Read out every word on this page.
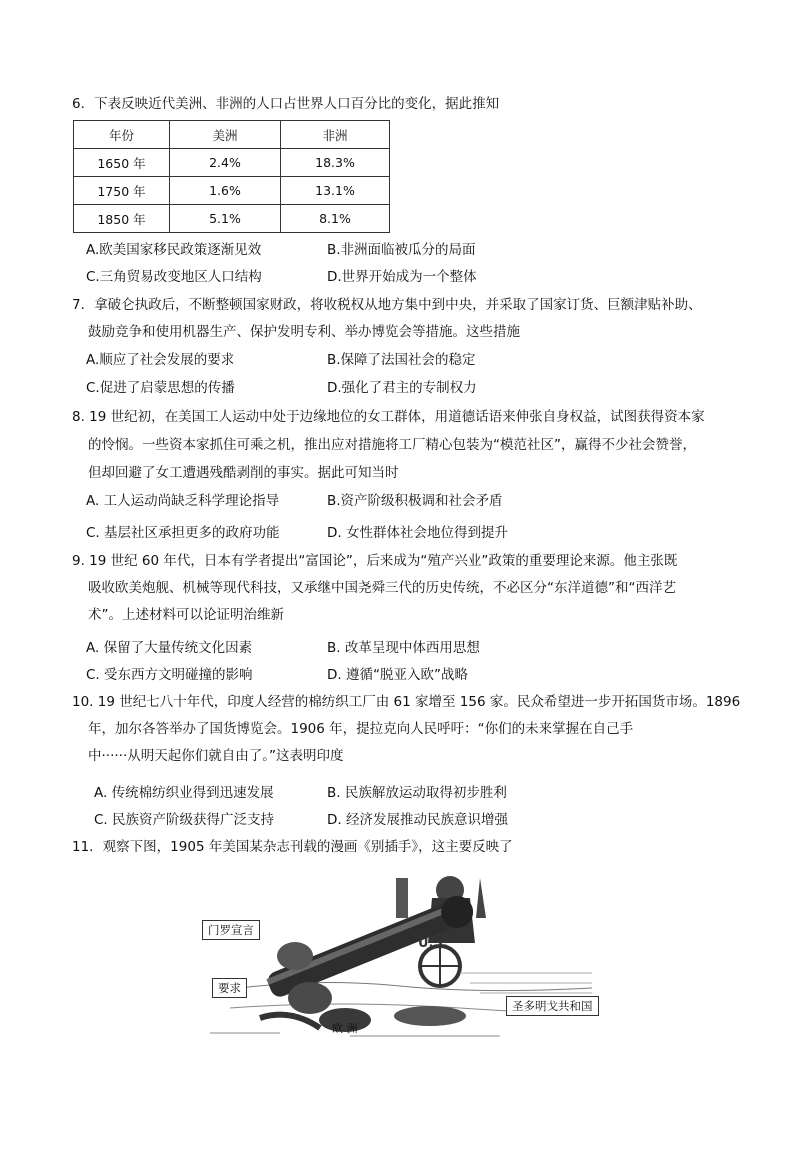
6．下表反映近代美洲、非洲的人口占世界人口百分比的变化，据此推知
年份	美洲	非洲
1650 年	2.4%	18.3%
1750 年	1.6%	13.1%
1850 年	5.1%	8.1%
A.欧美国家移民政策逐渐见效	B.非洲面临被瓜分的局面
C.三角贸易改变地区人口结构	D.世界开始成为一个整体
7．拿破仑执政后，不断整顿国家财政，将收税权从地方集中到中央，并采取了国家订货、巨额津贴补助、
鼓励竞争和使用机器生产、保护发明专利、举办博览会等措施。这些措施
A.顺应了社会发展的要求	B.保障了法国社会的稳定
C.促进了启蒙思想的传播	D.强化了君主的专制权力
8. 19 世纪初，在美国工人运动中处于边缘地位的女工群体，用道德话语来伸张自身权益，试图获得资本家
的怜悯。一些资本家抓住可乘之机，推出应对措施将工厂精心包装为“模范社区”，赢得不少社会赞誉，
但却回避了女工遭遇残酷剥削的事实。据此可知当时
A. 工人运动尚缺乏科学理论指导	B.资产阶级积极调和社会矛盾
C. 基层社区承担更多的政府功能	D. 女性群体社会地位得到提升
9. 19 世纪 60 年代，日本有学者提出“富国论”，后来成为“殖产兴业”政策的重要理论来源。他主张既
吸收欧美炮舰、机械等现代科技，又承继中国尧舜三代的历史传统，不必区分“东洋道德”和“西洋艺
术”。上述材料可以论证明治维新
A. 保留了大量传统文化因素	B. 改革呈现中体西用思想
C. 受东西方文明碰撞的影响	D. 遵循“脱亚入欧”战略
10. 19 世纪七八十年代，印度人经营的棉纺织工厂由 61 家增至 156 家。民众希望进一步开拓国货市场。1896
年，加尔各答举办了国货博览会。1906 年，提拉克向人民呼吁：“你们的未来掌握在自己手
中······从明天起你们就自由了。”这表明印度
A. 传统棉纺织业得到迅速发展	B. 民族解放运动取得初步胜利
C. 民族资产阶级获得广泛支持	D. 经济发展推动民族意识增强
11．观察下图，1905 年美国某杂志刊载的漫画《别插手》，这主要反映了
门罗宣言
要求
圣多明戈共和国
欧 洲
U.S.
